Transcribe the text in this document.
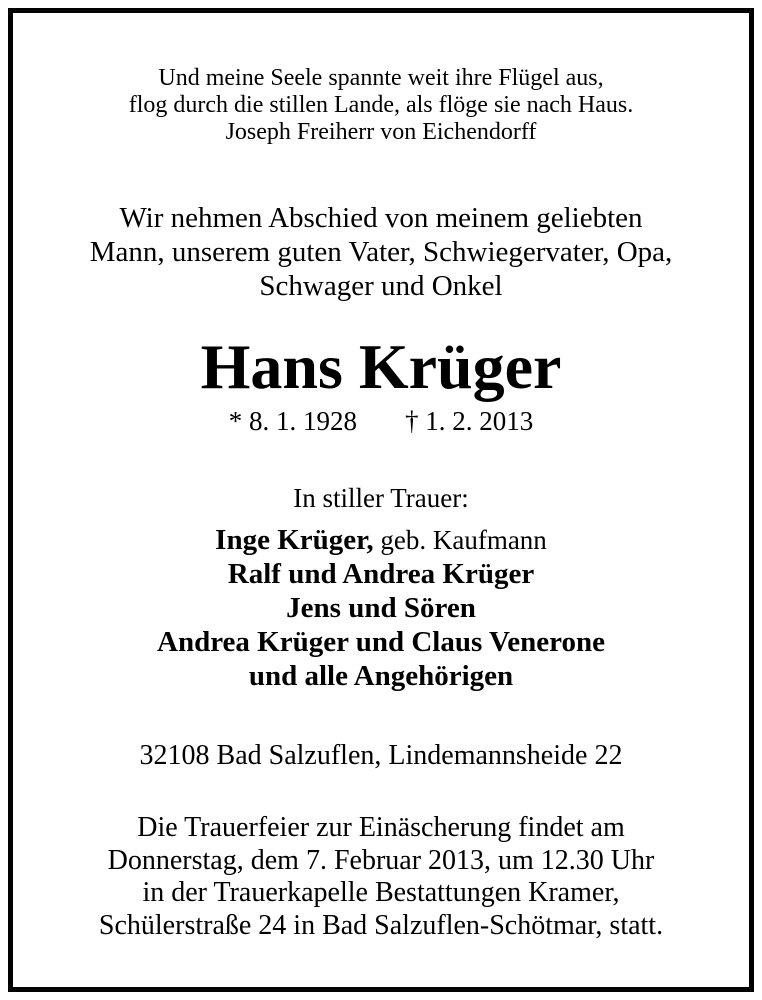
Und meine Seele spannte weit ihre Flügel aus,
flog durch die stillen Lande, als flöge sie nach Haus.
Joseph Freiherr von Eichendorff
Wir nehmen Abschied von meinem geliebten
Mann, unserem guten Vater, Schwiegervater, Opa,
Schwager und Onkel
Hans Krüger
* 8. 1. 1928 † 1. 2. 2013
In stiller Trauer:
Inge Krüger, geb. Kaufmann
Ralf und Andrea Krüger
Jens und Sören
Andrea Krüger und Claus Venerone
und alle Angehörigen
32108 Bad Salzuflen, Lindemannsheide 22
Die Trauerfeier zur Einäscherung findet am
Donnerstag, dem 7. Februar 2013, um 12.30 Uhr
in der Trauerkapelle Bestattungen Kramer,
Schülerstraße 24 in Bad Salzuflen-Schötmar, statt.
